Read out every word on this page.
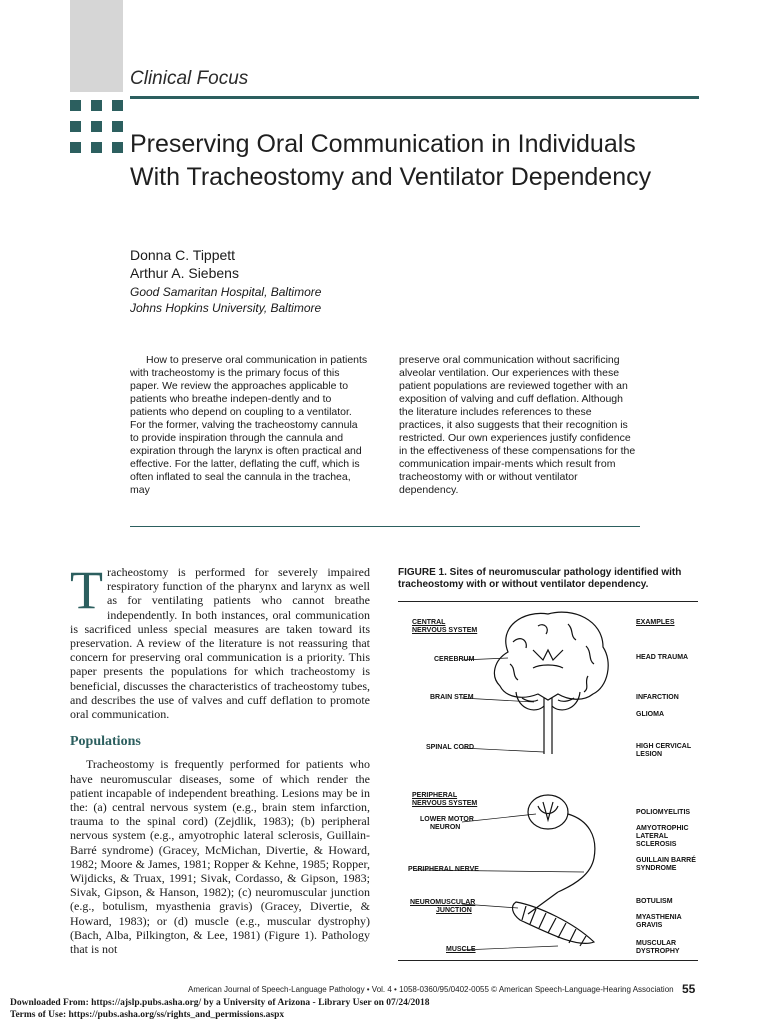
Clinical Focus
Preserving Oral Communication in Individuals
With Tracheostomy and Ventilator Dependency
Donna C. Tippett
Arthur A. Siebens
Good Samaritan Hospital, Baltimore
Johns Hopkins University, Baltimore

How to preserve oral communication in patients with tracheostomy is the primary focus of this paper. We review the approaches applicable to patients who breathe indepen-dently and to patients who depend on coupling to a ventilator. For the former, valving the tracheostomy cannula to provide inspiration through the cannula and expiration through the larynx is often practical and effective. For the latter, deflating the cuff, which is often inflated to seal the cannula in the trachea, may

preserve oral communication without sacrificing alveolar ventilation. Our experiences with these patient populations are reviewed together with an exposition of valving and cuff deflation. Although the literature includes references to these practices, it also suggests that their recognition is restricted. Our own experiences justify confidence in the effectiveness of these compensations for the communication impair-ments which result from tracheostomy with or without ventilator dependency.

Tracheostomy is performed for severely impaired respiratory function of the pharynx and larynx as well as for ventilating patients who cannot breathe independently. In both instances, oral communication is sacrificed unless special measures are taken toward its preservation. A review of the literature is not reassuring that concern for preserving oral communication is a priority. This paper presents the populations for which tracheostomy is beneficial, discusses the characteristics of tracheostomy tubes, and describes the use of valves and cuff deflation to promote oral communication.

Populations

Tracheostomy is frequently performed for patients who have neuromuscular diseases, some of which render the patient incapable of independent breathing. Lesions may be in the: (a) central nervous system (e.g., brain stem infarction, trauma to the spinal cord) (Zejdlik, 1983); (b) peripheral nervous system (e.g., amyotrophic lateral sclerosis, Guillain-Barré syndrome) (Gracey, McMichan, Divertie, & Howard, 1982; Moore & James, 1981; Ropper & Kehne, 1985; Ropper, Wijdicks, & Truax, 1991; Sivak, Cordasso, & Gipson, 1983; Sivak, Gipson, & Hanson, 1982); (c) neuromuscular junction (e.g., botulism, myasthenia gravis) (Gracey, Divertie, & Howard, 1983); or (d) muscle (e.g., muscular dystrophy) (Bach, Alba, Pilkington, & Lee, 1981) (Figure 1). Pathology that is not

FIGURE 1. Sites of neuromuscular pathology identified with tracheostomy with or without ventilator dependency.
CENTRAL
NERVOUS SYSTEM
CEREBRUM
BRAIN STEM
SPINAL CORD
PERIPHERAL
NERVOUS SYSTEM
LOWER MOTOR
NEURON
PERIPHERAL NERVE
NEUROMUSCULAR
JUNCTION
MUSCLE
EXAMPLES
HEAD TRAUMA
INFARCTION
GLIOMA
HIGH CERVICAL
LESION
POLIOMYELITIS
AMYOTROPHIC
LATERAL
SCLEROSIS
GUILLAIN BARRÉ
SYNDROME
BOTULISM
MYASTHENIA
GRAVIS
MUSCULAR
DYSTROPHY
American Journal of Speech-Language Pathology • Vol. 4 • 1058-0360/95/0402-0055 © American Speech-Language-Hearing Association 55
Downloaded From: https://ajslp.pubs.asha.org/ by a University of Arizona - Library User on 07/24/2018
Terms of Use: https://pubs.asha.org/ss/rights_and_permissions.aspx
